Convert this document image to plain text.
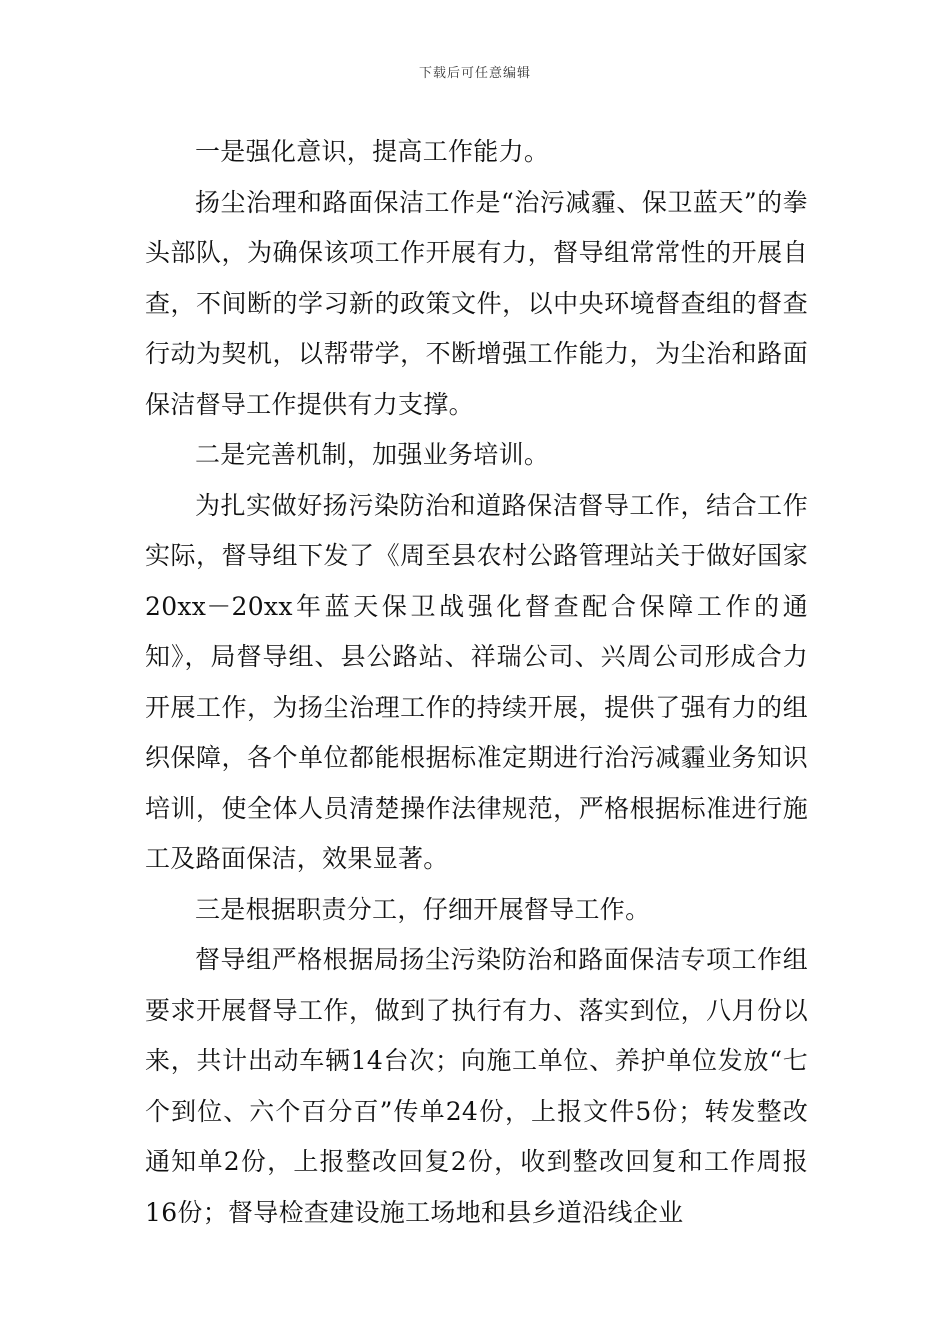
下载后可任意编辑

一是强化意识，提高工作能力。

扬尘治理和路面保洁工作是“治污减霾、保卫蓝天”的拳头部队，为确保该项工作开展有力，督导组常常性的开展自查，不间断的学习新的政策文件，以中央环境督查组的督查行动为契机，以帮带学，不断增强工作能力，为尘治和路面保洁督导工作提供有力支撑。

二是完善机制，加强业务培训。

为扎实做好扬污染防治和道路保洁督导工作，结合工作实际，督导组下发了《周至县农村公路管理站关于做好国家20xx－20xx年蓝天保卫战强化督查配合保障工作的通知》，局督导组、县公路站、祥瑞公司、兴周公司形成合力开展工作，为扬尘治理工作的持续开展，提供了强有力的组织保障，各个单位都能根据标准定期进行治污减霾业务知识培训，使全体人员清楚操作法律规范，严格根据标准进行施工及路面保洁，效果显著。

三是根据职责分工，仔细开展督导工作。

督导组严格根据局扬尘污染防治和路面保洁专项工作组要求开展督导工作，做到了执行有力、落实到位，八月份以来，共计出动车辆14台次；向施工单位、养护单位发放“七个到位、六个百分百”传单24份，上报文件5份；转发整改通知单2份，上报整改回复2份，收到整改回复和工作周报16份；督导检查建设施工场地和县乡道沿线企业
